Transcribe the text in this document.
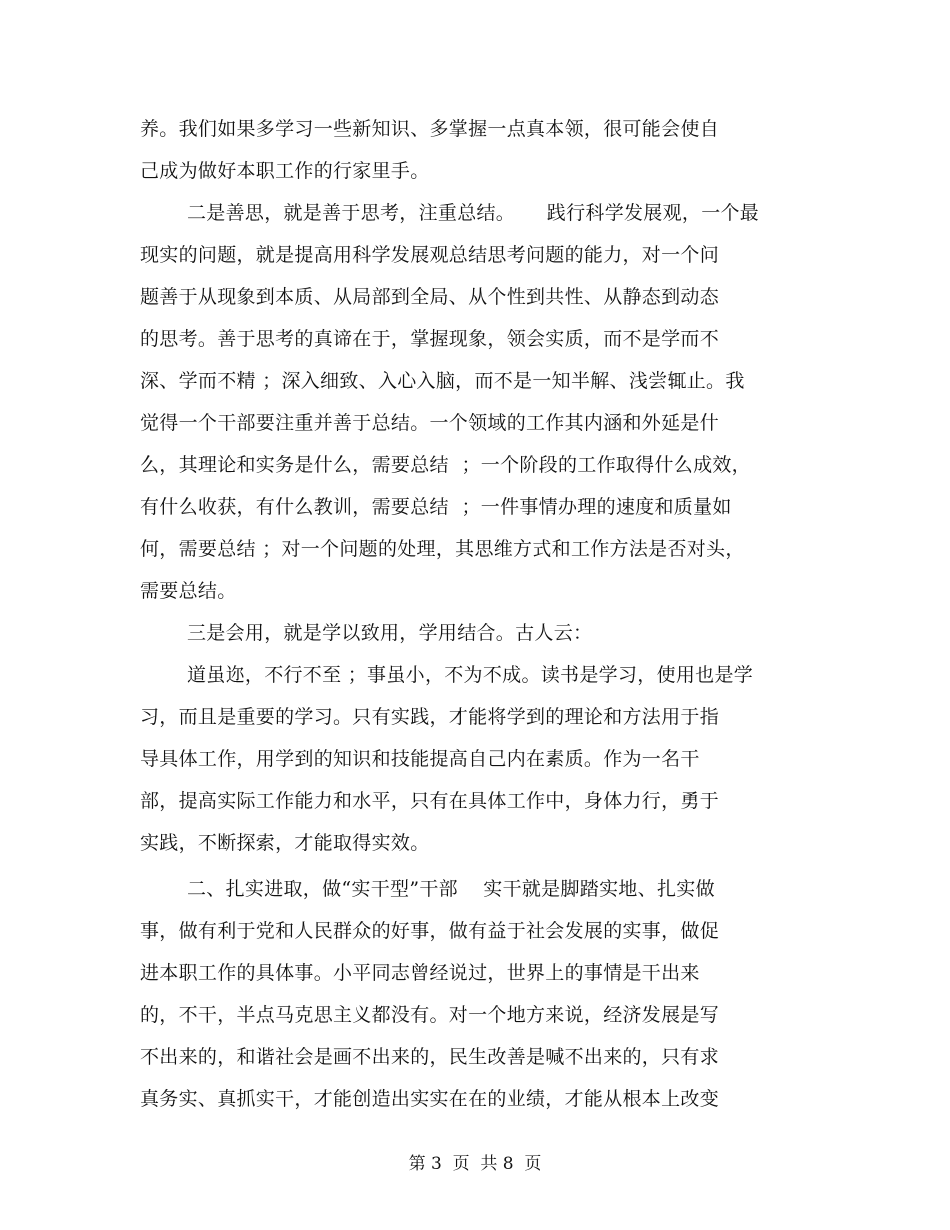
养。我们如果多学习一些新知识、多掌握一点真本领，很可能会使自
己成为做好本职工作的行家里手。
二是善思，就是善于思考，注重总结。     践行科学发展观，一个最
现实的问题，就是提高用科学发展观总结思考问题的能力，对一个问
题善于从现象到本质、从局部到全局、从个性到共性、从静态到动态
的思考。善于思考的真谛在于，掌握现象，领会实质，而不是学而不
深、学而不精 ；深入细致、入心入脑，而不是一知半解、浅尝辄止。我
觉得一个干部要注重并善于总结。一个领域的工作其内涵和外延是什
么，其理论和实务是什么，需要总结  ；一个阶段的工作取得什么成效，
有什么收获，有什么教训，需要总结  ；一件事情办理的速度和质量如
何，需要总结 ；对一个问题的处理，其思维方式和工作方法是否对头，
需要总结。
三是会用，就是学以致用，学用结合。古人云：
道虽迩，不行不至 ；事虽小，不为不成。读书是学习，使用也是学
习，而且是重要的学习。只有实践，才能将学到的理论和方法用于指
导具体工作，用学到的知识和技能提高自己内在素质。作为一名干
部，提高实际工作能力和水平，只有在具体工作中，身体力行，勇于
实践，不断探索，才能取得实效。
二、扎实进取，做“实干型”干部    实干就是脚踏实地、扎实做
事，做有利于党和人民群众的好事，做有益于社会发展的实事，做促
进本职工作的具体事。小平同志曾经说过，世界上的事情是干出来
的，不干，半点马克思主义都没有。对一个地方来说，经济发展是写
不出来的，和谐社会是画不出来的，民生改善是喊不出来的，只有求
真务实、真抓实干，才能创造出实实在在的业绩，才能从根本上改变
第 3  页  共 8  页
